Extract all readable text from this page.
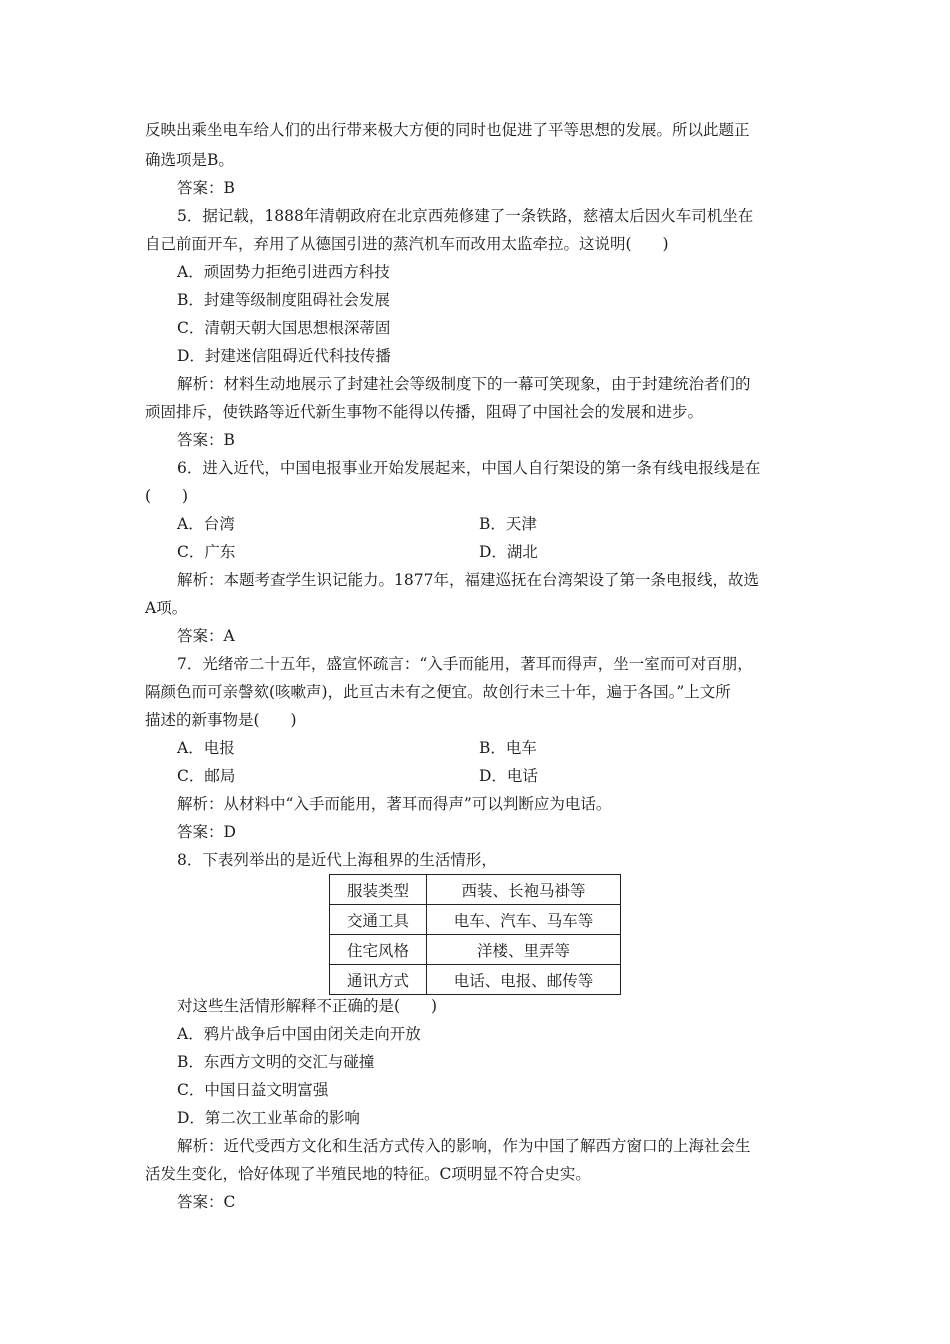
反映出乘坐电车给人们的出行带来极大方便的同时也促进了平等思想的发展。所以此题正
确选项是B。
答案：B
5．据记载，1888年清朝政府在北京西苑修建了一条铁路，慈禧太后因火车司机坐在
自己前面开车，弃用了从德国引进的蒸汽机车而改用太监牵拉。这说明(　　)
A．顽固势力拒绝引进西方科技
B．封建等级制度阻碍社会发展
C．清朝天朝大国思想根深蒂固
D．封建迷信阻碍近代科技传播
解析：材料生动地展示了封建社会等级制度下的一幕可笑现象，由于封建统治者们的
顽固排斥，使铁路等近代新生事物不能得以传播，阻碍了中国社会的发展和进步。
答案：B
6．进入近代，中国电报事业开始发展起来，中国人自行架设的第一条有线电报线是在
(　　)
A．台湾	B．天津
C．广东	D．湖北
解析：本题考查学生识记能力。1877年，福建巡抚在台湾架设了第一条电报线，故选
A项。
答案：A
7．光绪帝二十五年，盛宣怀疏言：“入手而能用，著耳而得声，坐一室而可对百朋，
隔颜色而可亲謦欬(咳嗽声)，此亘古未有之便宜。故创行未三十年，遍于各国。”上文所
描述的新事物是(　　)
A．电报	B．电车
C．邮局	D．电话
解析：从材料中“入手而能用，著耳而得声”可以判断应为电话。
答案：D
8．下表列举出的是近代上海租界的生活情形，
服装类型	西装、长袍马褂等
交通工具	电车、汽车、马车等
住宅风格	洋楼、里弄等
通讯方式	电话、电报、邮传等
对这些生活情形解释不正确的是(　　)
A．鸦片战争后中国由闭关走向开放
B．东西方文明的交汇与碰撞
C．中国日益文明富强
D．第二次工业革命的影响
解析：近代受西方文化和生活方式传入的影响，作为中国了解西方窗口的上海社会生
活发生变化，恰好体现了半殖民地的特征。C项明显不符合史实。
答案：C
